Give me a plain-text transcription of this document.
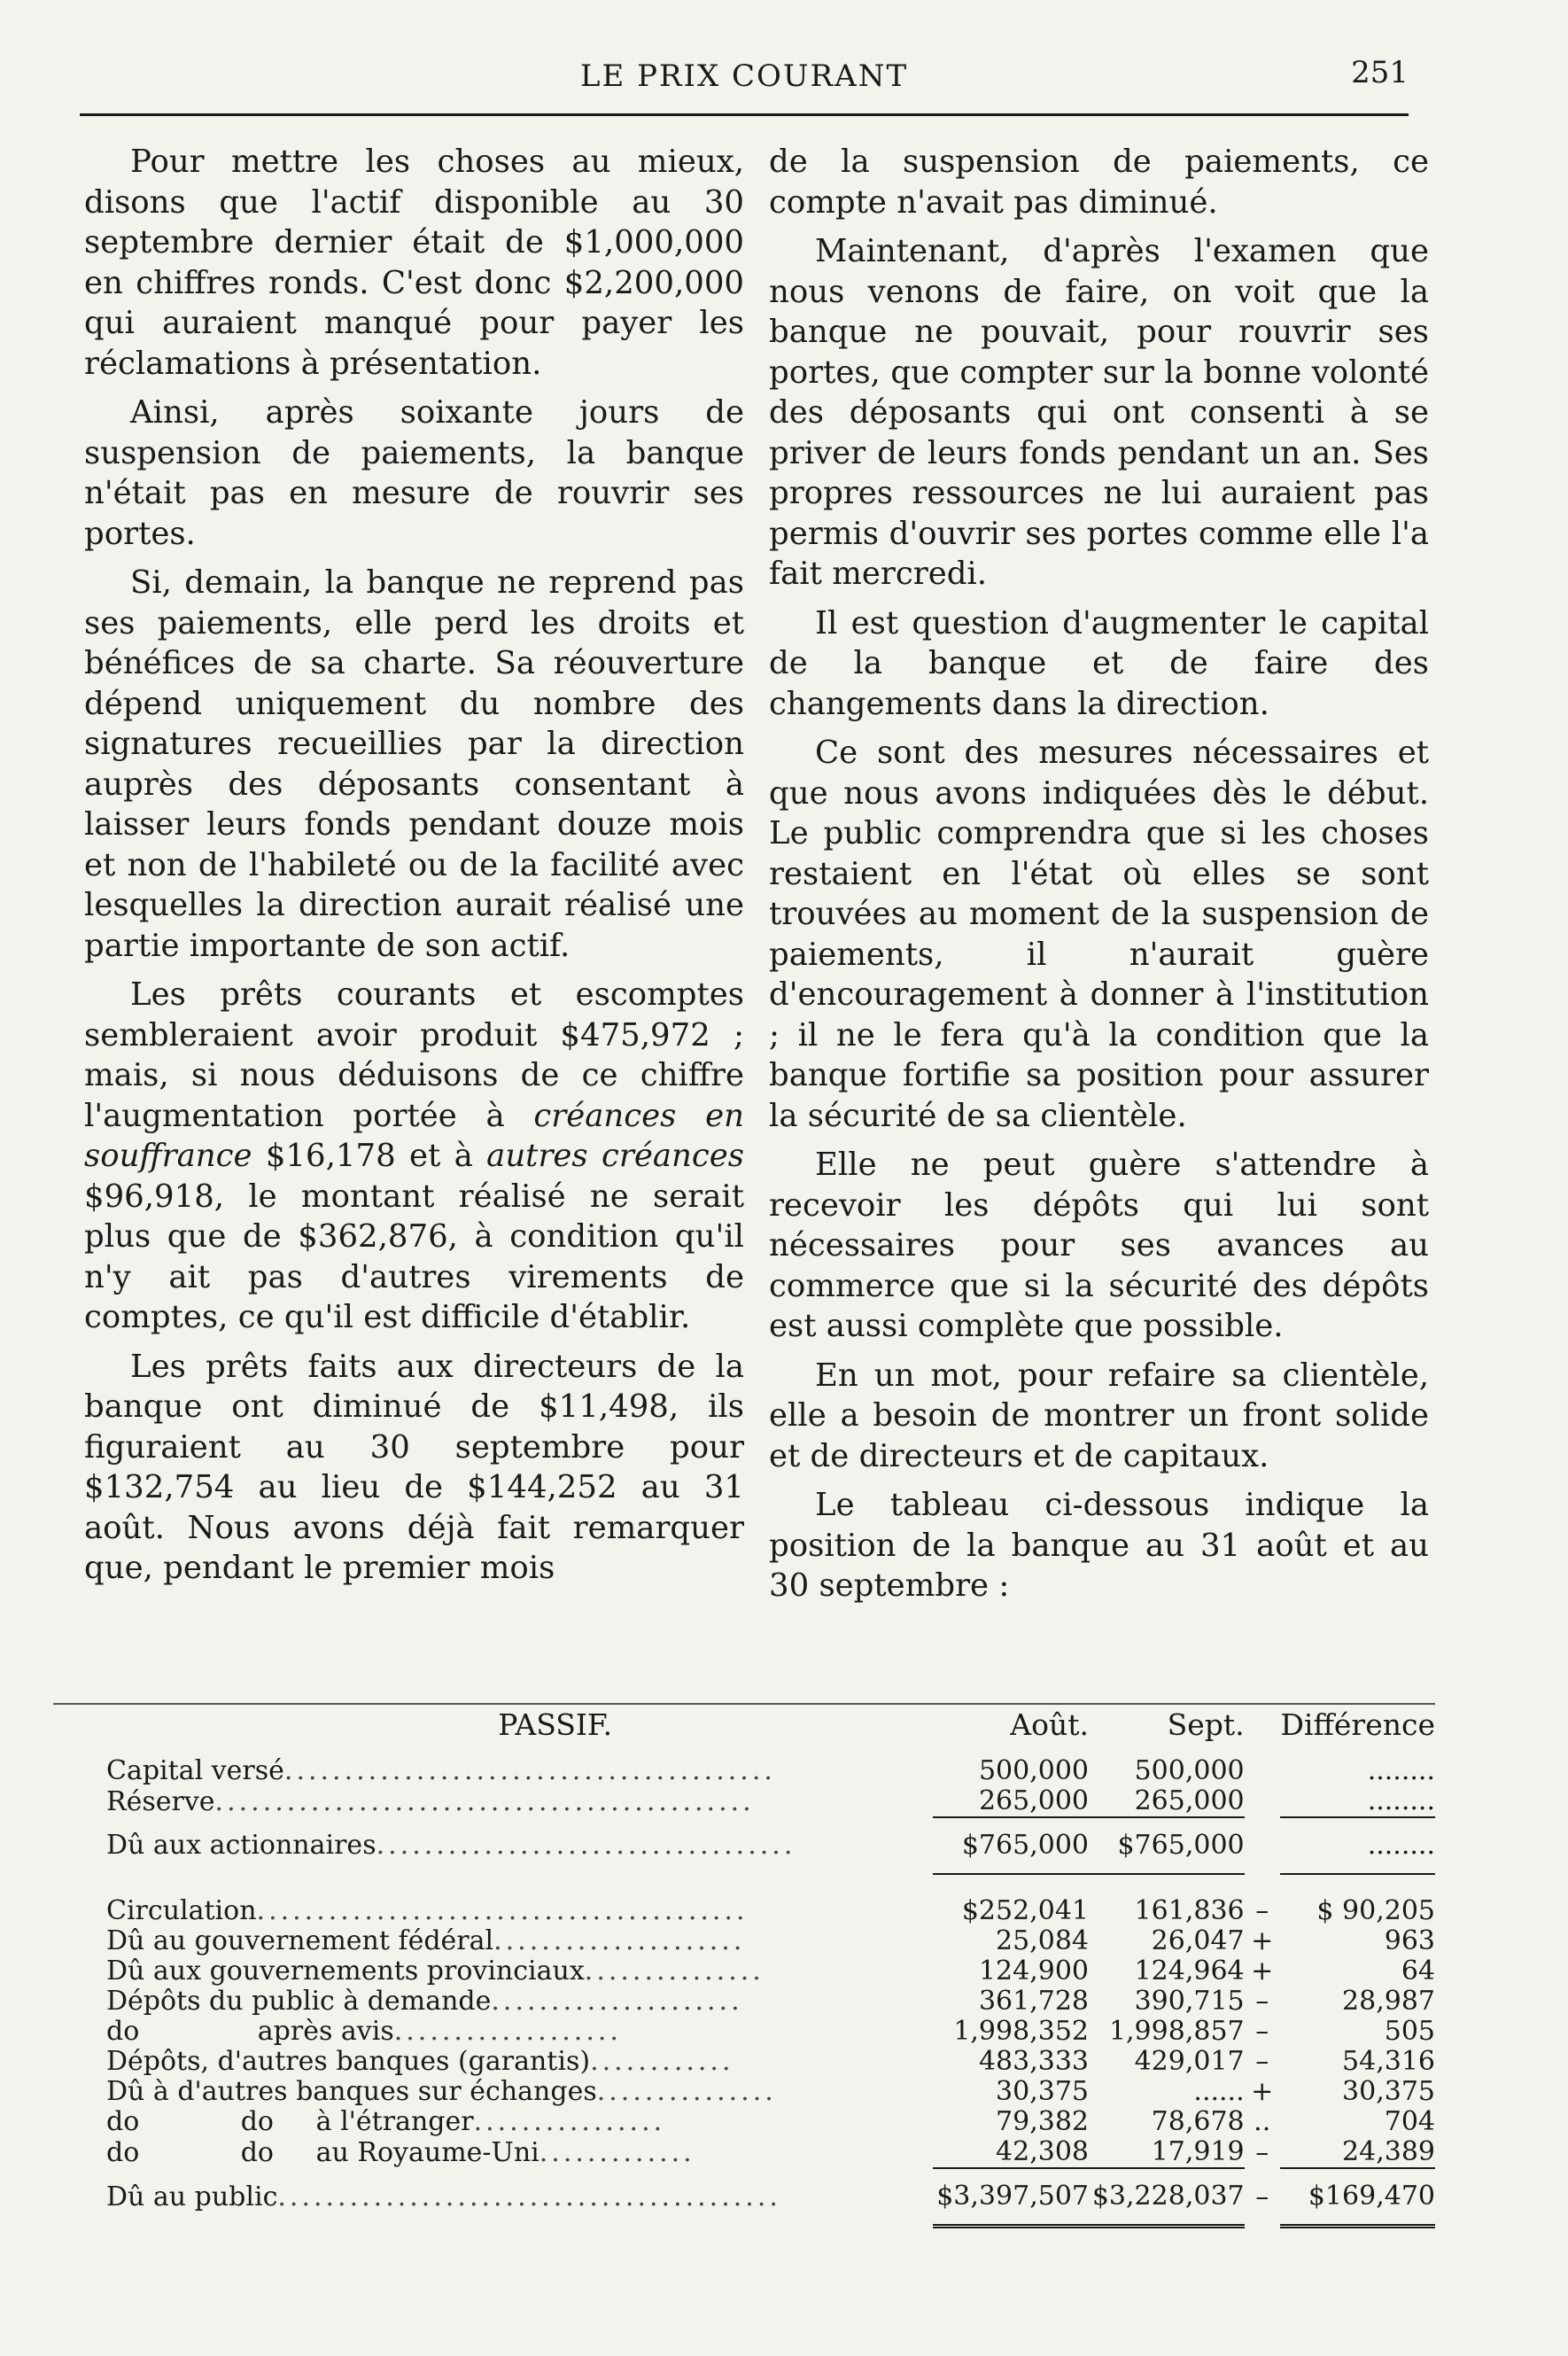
LE PRIX COURANT	251

Pour mettre les choses au mieux, disons que l'actif disponible au 30 septembre dernier était de $1,000,000 en chiffres ronds. C'est donc $2,200,000 qui auraient manqué pour payer les réclamations à présentation.

Ainsi, après soixante jours de suspension de paiements, la banque n'était pas en mesure de rouvrir ses portes.

Si, demain, la banque ne reprend pas ses paiements, elle perd les droits et bénéfices de sa charte. Sa réouverture dépend uniquement du nombre des signatures recueillies par la direction auprès des déposants consentant à laisser leurs fonds pendant douze mois et non de l'habileté ou de la facilité avec lesquelles la direction aurait réalisé une partie importante de son actif.

Les prêts courants et escomptes sembleraient avoir produit $475,972 ; mais, si nous déduisons de ce chiffre l'augmentation portée à créances en souffrance $16,178 et à autres créances $96,918, le montant réalisé ne serait plus que de $362,876, à condition qu'il n'y ait pas d'autres virements de comptes, ce qu'il est difficile d'établir.

Les prêts faits aux directeurs de la banque ont diminué de $11,498, ils figuraient au 30 septembre pour $132,754 au lieu de $144,252 au 31 août. Nous avons déjà fait remarquer que, pendant le premier mois

de la suspension de paiements, ce compte n'avait pas diminué.

Maintenant, d'après l'examen que nous venons de faire, on voit que la banque ne pouvait, pour rouvrir ses portes, que compter sur la bonne volonté des déposants qui ont consenti à se priver de leurs fonds pendant un an. Ses propres ressources ne lui auraient pas permis d'ouvrir ses portes comme elle l'a fait mercredi.

Il est question d'augmenter le capital de la banque et de faire des changements dans la direction.

Ce sont des mesures nécessaires et que nous avons indiquées dès le début. Le public comprendra que si les choses restaient en l'état où elles se sont trouvées au moment de la suspension de paiements, il n'aurait guère d'encouragement à donner à l'institution ; il ne le fera qu'à la condition que la banque fortifie sa position pour assurer la sécurité de sa clientèle.

Elle ne peut guère s'attendre à recevoir les dépôts qui lui sont nécessaires pour ses avances au commerce que si la sécurité des dépôts est aussi complète que possible.

En un mot, pour refaire sa clientèle, elle a besoin de montrer un front solide et de directeurs et de capitaux.

Le tableau ci-dessous indique la position de la banque au 31 août et au 30 septembre :

PASSIF.	Août.	Sept.		Différence
Capital versé.........................................	500,000	500,000		........
Réserve.............................................	265,000	265,000		........
Dû aux actionnaires...................................	$765,000	$765,000		........

Circulation.........................................	$252,041	161,836	–	$ 90,205
Dû au gouvernement fédéral.....................	25,084	26,047	+	963
Dû aux gouvernements provinciaux...............	124,900	124,964	+	64
Dépôts du public à demande.....................	361,728	390,715	–	28,987
do après avis...................	1,998,352	1,998,857	–	505
Dépôts, d'autres banques (garantis)............	483,333	429,017	–	54,316
Dû à d'autres banques sur échanges...............	30,375	......	+	30,375
do do à l'étranger................	79,382	78,678	..	704
do do au Royaume-Uni.............	42,308	17,919	–	24,389
Dû au public..........................................	$3,397,507	$3,228,037	–	$169,470
